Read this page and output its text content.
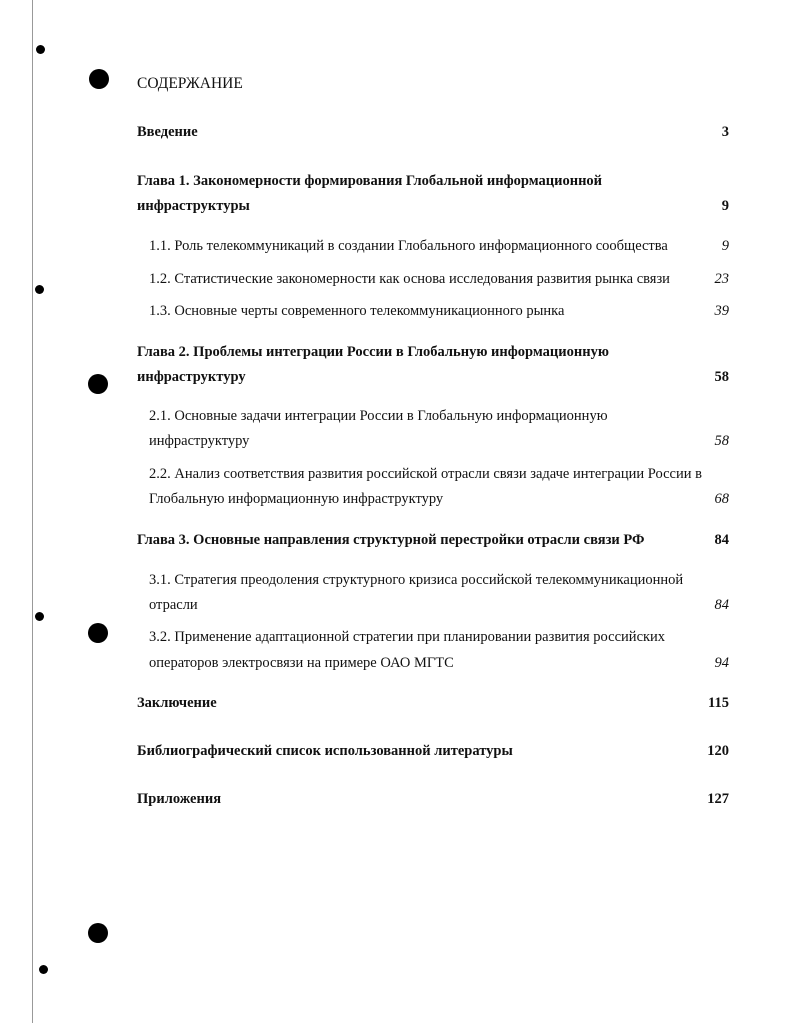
СОДЕРЖАНИЕ
Введение	3
Глава 1. Закономерности формирования Глобальной информационной
инфраструктуры	9
1.1. Роль телекоммуникаций в создании Глобального информационного сообщества	9
1.2. Статистические закономерности как основа исследования развития рынка связи	23
1.3. Основные черты современного телекоммуникационного рынка	39
Глава 2. Проблемы интеграции России в Глобальную информационную
инфраструктуру	58
2.1. Основные задачи интеграции России в Глобальную информационную
инфраструктуру	58
2.2. Анализ соответствия развития российской отрасли связи задаче интеграции России в
Глобальную информационную инфраструктуру	68
Глава 3. Основные направления структурной перестройки отрасли связи РФ	84
3.1. Стратегия преодоления структурного кризиса российской телекоммуникационной
отрасли	84
3.2. Применение адаптационной стратегии при планировании развития российских
операторов электросвязи на примере ОАО МГТС	94
Заключение	115
Библиографический список использованной литературы	120
Приложения	127
